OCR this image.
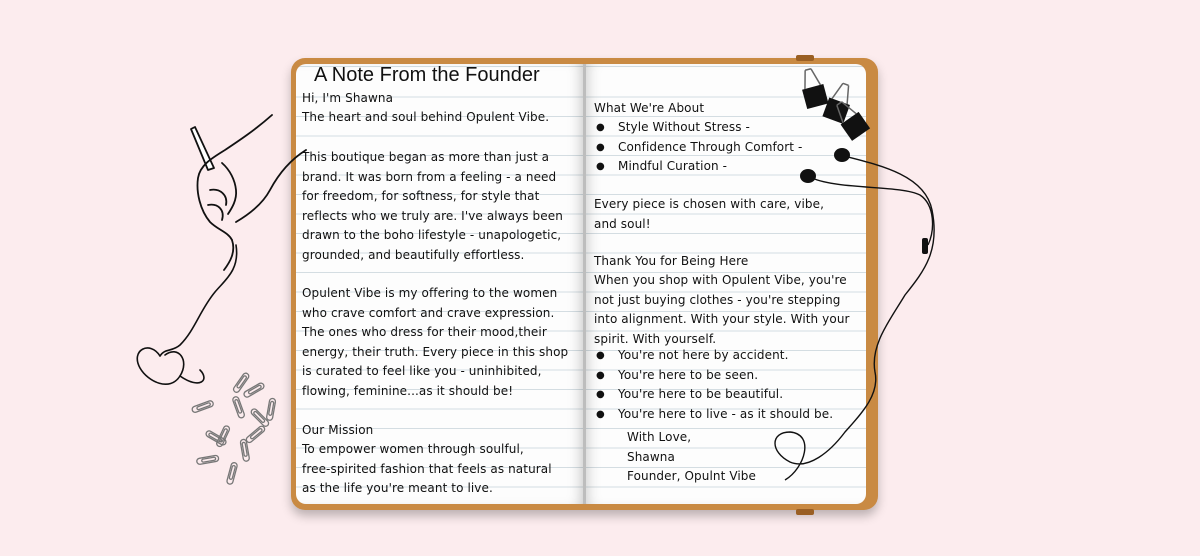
A Note From the Founder
Hi, I'm Shawna
The heart and soul behind Opulent Vibe.
This boutique began as more than just a
brand. It was born from a feeling - a need
for freedom, for softness, for style that
reflects who we truly are. I've always been
drawn to the boho lifestyle - unapologetic,
grounded, and beautifully effortless.
Opulent Vibe is my offering to the women
who crave comfort and crave expression.
The ones who dress for their mood,their
energy, their truth. Every piece in this shop
is curated to feel like you - uninhibited,
flowing, feminine...as it should be!
Our Mission
To empower women through soulful,
free-spirited fashion that feels as natural
as the life you're meant to live.
What We're About
● Style Without Stress -
● Confidence Through Comfort -
● Mindful Curation -
Every piece is chosen with care, vibe,
and soul!
Thank You for Being Here
When you shop with Opulent Vibe, you're
not just buying clothes - you're stepping
into alignment. With your style. With your
spirit. With yourself.
● You're not here by accident.
● You're here to be seen.
● You're here to be beautiful.
● You're here to live - as it should be.
With Love,
Shawna
Founder, Opulnt Vibe
